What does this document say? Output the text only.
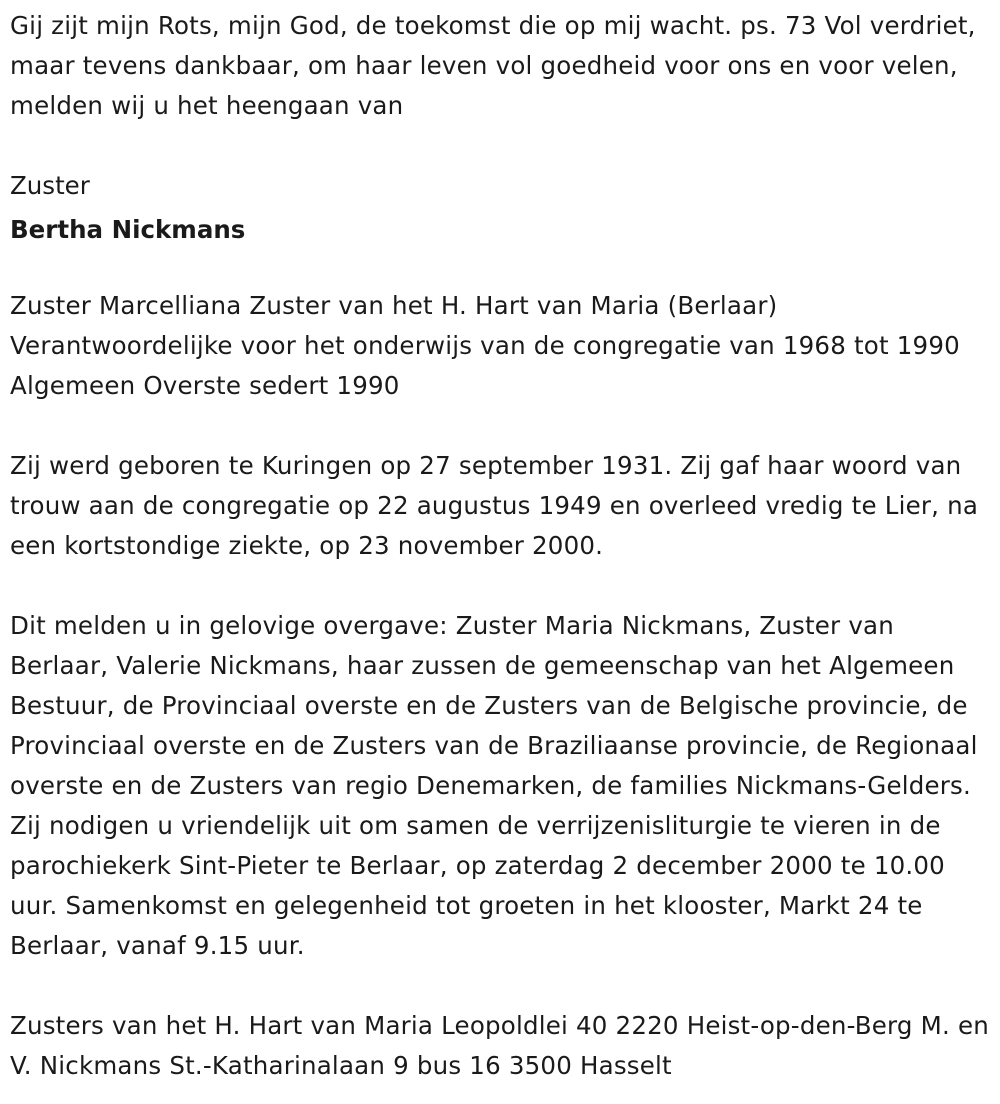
Gij zijt mijn Rots, mijn God, de toekomst die op mij wacht. ps. 73 Vol verdriet, maar tevens dankbaar, om haar leven vol goedheid voor ons en voor velen, melden wij u het heengaan van

Zuster

Bertha Nickmans

Zuster Marcelliana Zuster van het H. Hart van Maria (Berlaar) Verantwoordelijke voor het onderwijs van de congregatie van 1968 tot 1990 Algemeen Overste sedert 1990

Zij werd geboren te Kuringen op 27 september 1931. Zij gaf haar woord van trouw aan de congregatie op 22 augustus 1949 en overleed vredig te Lier, na een kortstondige ziekte, op 23 november 2000.

Dit melden u in gelovige overgave: Zuster Maria Nickmans, Zuster van Berlaar, Valerie Nickmans, haar zussen de gemeenschap van het Algemeen Bestuur, de Provinciaal overste en de Zusters van de Belgische provincie, de Provinciaal overste en de Zusters van de Braziliaanse provincie, de Regionaal overste en de Zusters van regio Denemarken, de families Nickmans-Gelders. Zij nodigen u vriendelijk uit om samen de verrijzenisliturgie te vieren in de parochiekerk Sint-Pieter te Berlaar, op zaterdag 2 december 2000 te 10.00 uur. Samenkomst en gelegenheid tot groeten in het klooster, Markt 24 te Berlaar, vanaf 9.15 uur.

Zusters van het H. Hart van Maria Leopoldlei 40 2220 Heist-op-den-Berg M. en V. Nickmans St.-Katharinalaan 9 bus 16 3500 Hasselt
